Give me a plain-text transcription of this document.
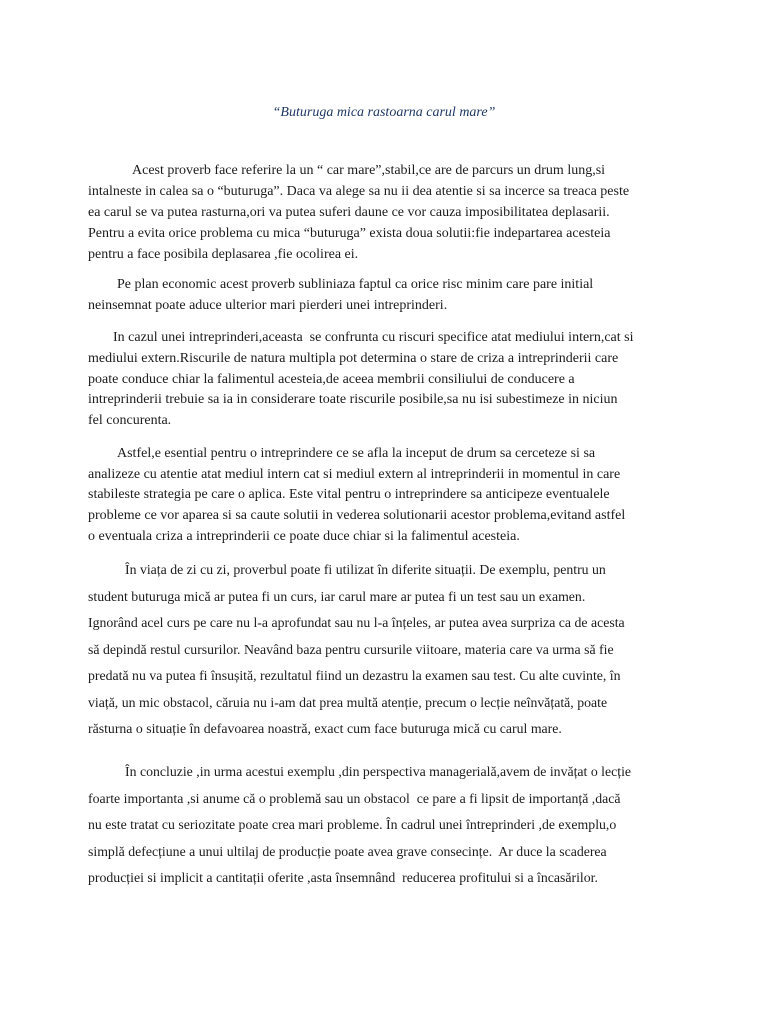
“Buturuga mica rastoarna carul mare”
Acest proverb face referire la un “ car mare”,stabil,ce are de parcurs un drum lung,si
intalneste in calea sa o “buturuga”. Daca va alege sa nu ii dea atentie si sa incerce sa treaca peste
ea carul se va putea rasturna,ori va putea suferi daune ce vor cauza imposibilitatea deplasarii.
Pentru a evita orice problema cu mica “buturuga” exista doua solutii:fie indepartarea acesteia
pentru a face posibila deplasarea ,fie ocolirea ei.
Pe plan economic acest proverb subliniaza faptul ca orice risc minim care pare initial
neinsemnat poate aduce ulterior mari pierderi unei intreprinderi.
In cazul unei intreprinderi,aceasta  se confrunta cu riscuri specifice atat mediului intern,cat si
mediului extern.Riscurile de natura multipla pot determina o stare de criza a intreprinderii care
poate conduce chiar la falimentul acesteia,de aceea membrii consiliului de conducere a
intreprinderii trebuie sa ia in considerare toate riscurile posibile,sa nu isi subestimeze in niciun
fel concurenta.
Astfel,e esential pentru o intreprindere ce se afla la inceput de drum sa cerceteze si sa
analizeze cu atentie atat mediul intern cat si mediul extern al intreprinderii in momentul in care
stabileste strategia pe care o aplica. Este vital pentru o intreprindere sa anticipeze eventualele
probleme ce vor aparea si sa caute solutii in vederea solutionarii acestor problema,evitand astfel
o eventuala criza a intreprinderii ce poate duce chiar si la falimentul acesteia.
În viața de zi cu zi, proverbul poate fi utilizat în diferite situații. De exemplu, pentru un
student buturuga mică ar putea fi un curs, iar carul mare ar putea fi un test sau un examen.
Ignorând acel curs pe care nu l-a aprofundat sau nu l-a înțeles, ar putea avea surpriza ca de acesta
să depindă restul cursurilor. Neavând baza pentru cursurile viitoare, materia care va urma să fie
predată nu va putea fi însușită, rezultatul fiind un dezastru la examen sau test. Cu alte cuvinte, în
viață, un mic obstacol, căruia nu i-am dat prea multă atenție, precum o lecție neînvățată, poate
răsturna o situație în defavoarea noastră, exact cum face buturuga mică cu carul mare.
În concluzie ,in urma acestui exemplu ,din perspectiva managerială,avem de invățat o lecție
foarte importanta ,si anume că o problemă sau un obstacol  ce pare a fi lipsit de importanță ,dacă
nu este tratat cu seriozitate poate crea mari probleme. În cadrul unei întreprinderi ,de exemplu,o
simplă defecțiune a unui ultilaj de producție poate avea grave consecințe.  Ar duce la scaderea
producției si implicit a cantitații oferite ,asta însemnând  reducerea profitului si a încasărilor.
